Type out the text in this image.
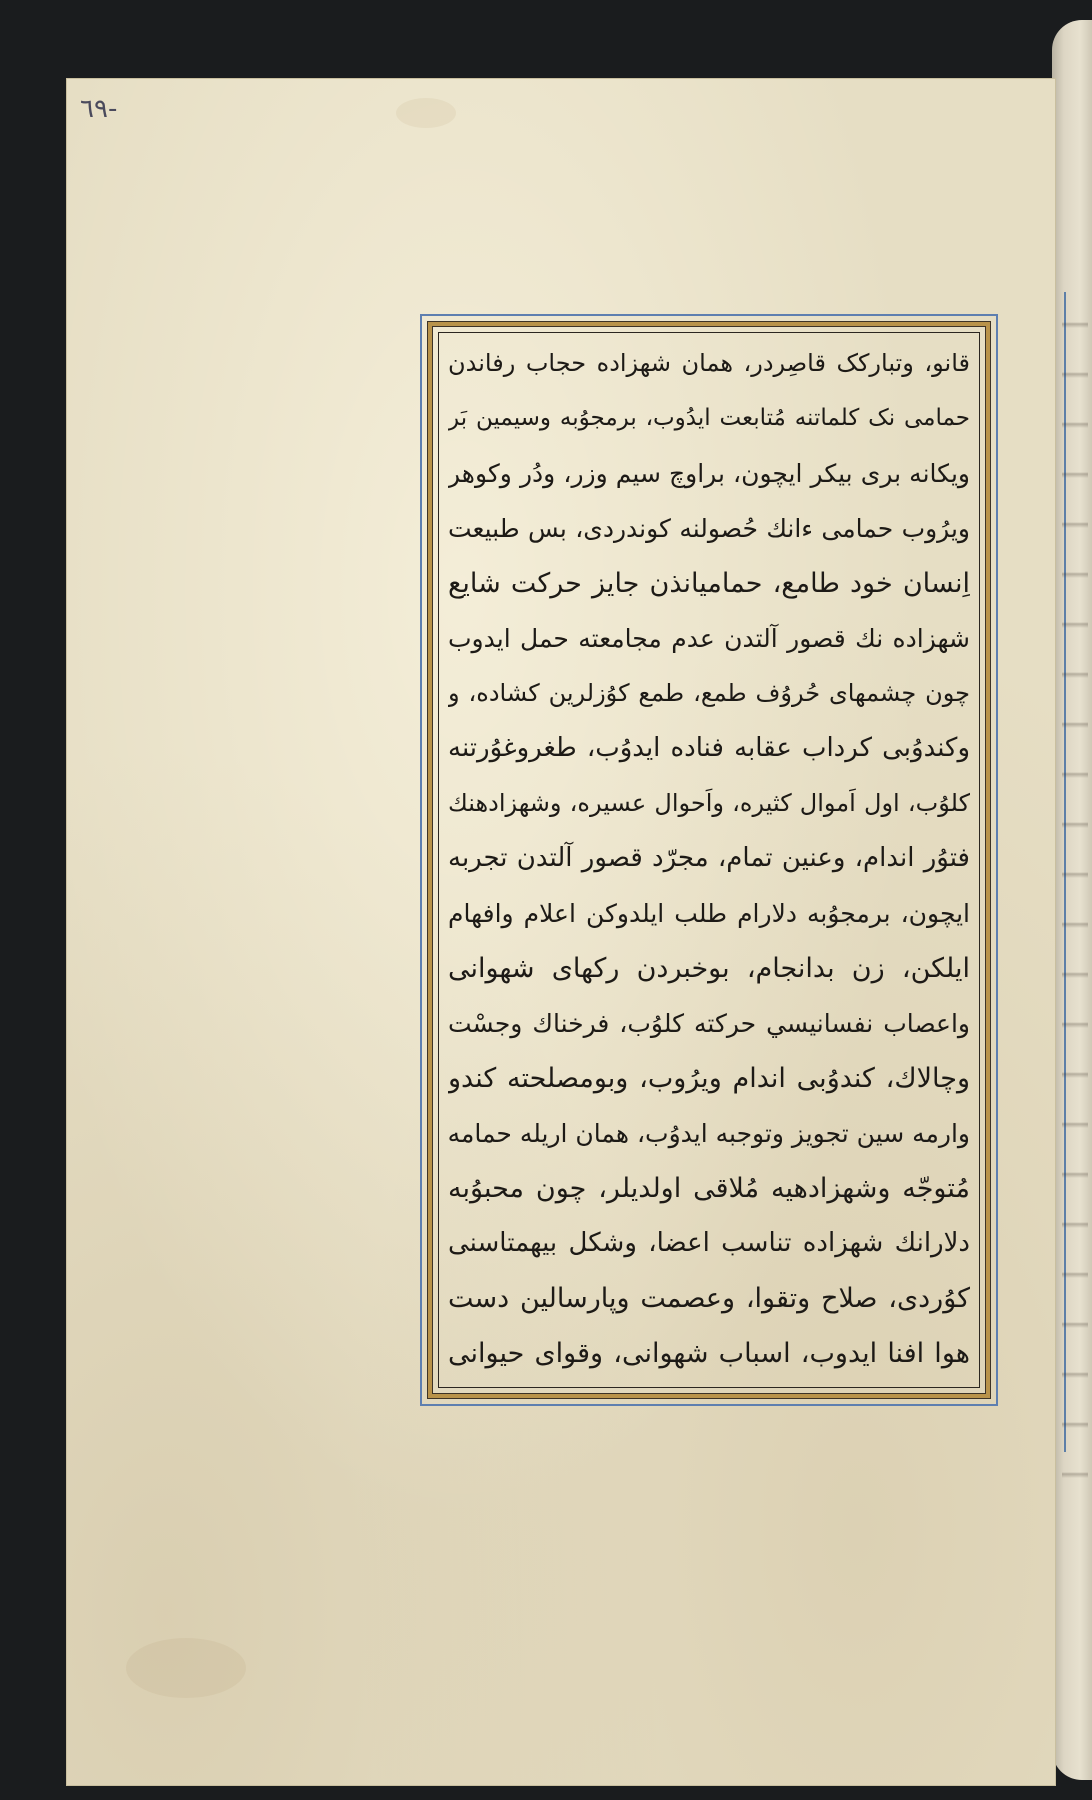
٦٩-
قانو، وتبارکک قاصِردر، همان شهزاده حجاب رفاندن
حمامی نک کلماتنه مُتابعت ایدُوب، برمجوُبه وسیمین بَر
ویکانه بری بیکر ایچون، براوچ سیم وزر، ودُر وکوهر
ویرُوب حمامی ءانك حُصولنه کوندردی، بس طبیعت
اِنسان خود طامع، حماميانذن جايز حركت شايع
شهزاده نك قصور آلتدن عدم مجامعته حمل ایدوب
چون چشمهای حُروُف طمع، طمع کوُزلرین کشاده، و
وکندوُبی کرداب عقابه فناده ایدوُب، طغروغوُرتنه
کلوُب، اول اَموال کثیره، واَحوال عسیره، وشهزادهنك
فتوُر اندام، وعنین تمام، مجرّد قصور آلتدن تجربه
ایچون، برمجوُبه دلارام طلب ایلدوکن اعلام وافهام
ایلکن، زن بدانجام، بوخبردن رکهای شهوانی
واعصاب نفسانيسي حرکته کلوُب، فرخناك وجسْت
وچالاك، کندوُبی اندام ویرُوب، وبومصلحته کندو
وارمه سین تجویز وتوجبه ایدوُب، همان اریله حمامه
مُتوجّه وشهزادهیه مُلاقی اولدیلر، چون محبوُبه
دلارانك شهزاده تناسب اعضا، وشکل بیهمتاسنی
کوُردی، صلاح وتقوا، وعصمت وپارسالین دست
هوا افنا ایدوب، اسباب شهوانی، وقوای حیوانی
